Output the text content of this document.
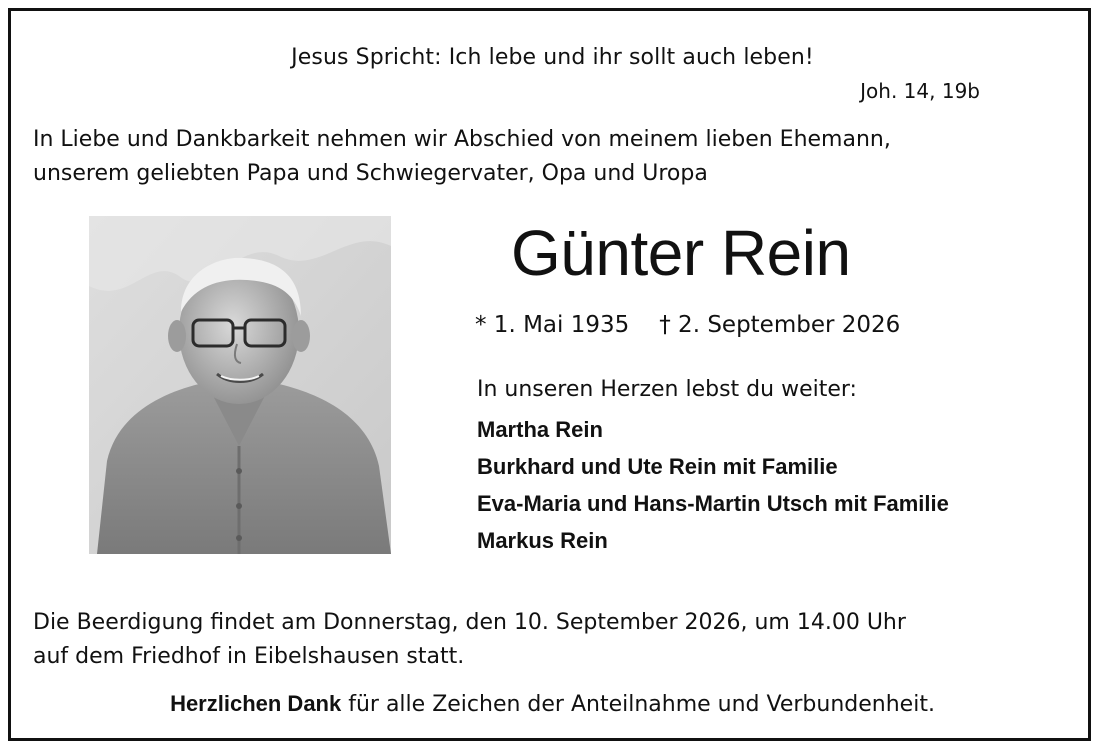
Jesus Spricht: Ich lebe und ihr sollt auch leben!
Joh. 14, 19b
In Liebe und Dankbarkeit nehmen wir Abschied von meinem lieben Ehemann,
unserem geliebten Papa und Schwiegervater, Opa und Uropa
Günter Rein
* 1. Mai 1935 † 2. September 2026
In unseren Herzen lebst du weiter:
Martha Rein
Burkhard und Ute Rein mit Familie
Eva-Maria und Hans-Martin Utsch mit Familie
Markus Rein
Die Beerdigung findet am Donnerstag, den 10. September 2026, um 14.00 Uhr
auf dem Friedhof in Eibelshausen statt.
Herzlichen Dank für alle Zeichen der Anteilnahme und Verbundenheit.
